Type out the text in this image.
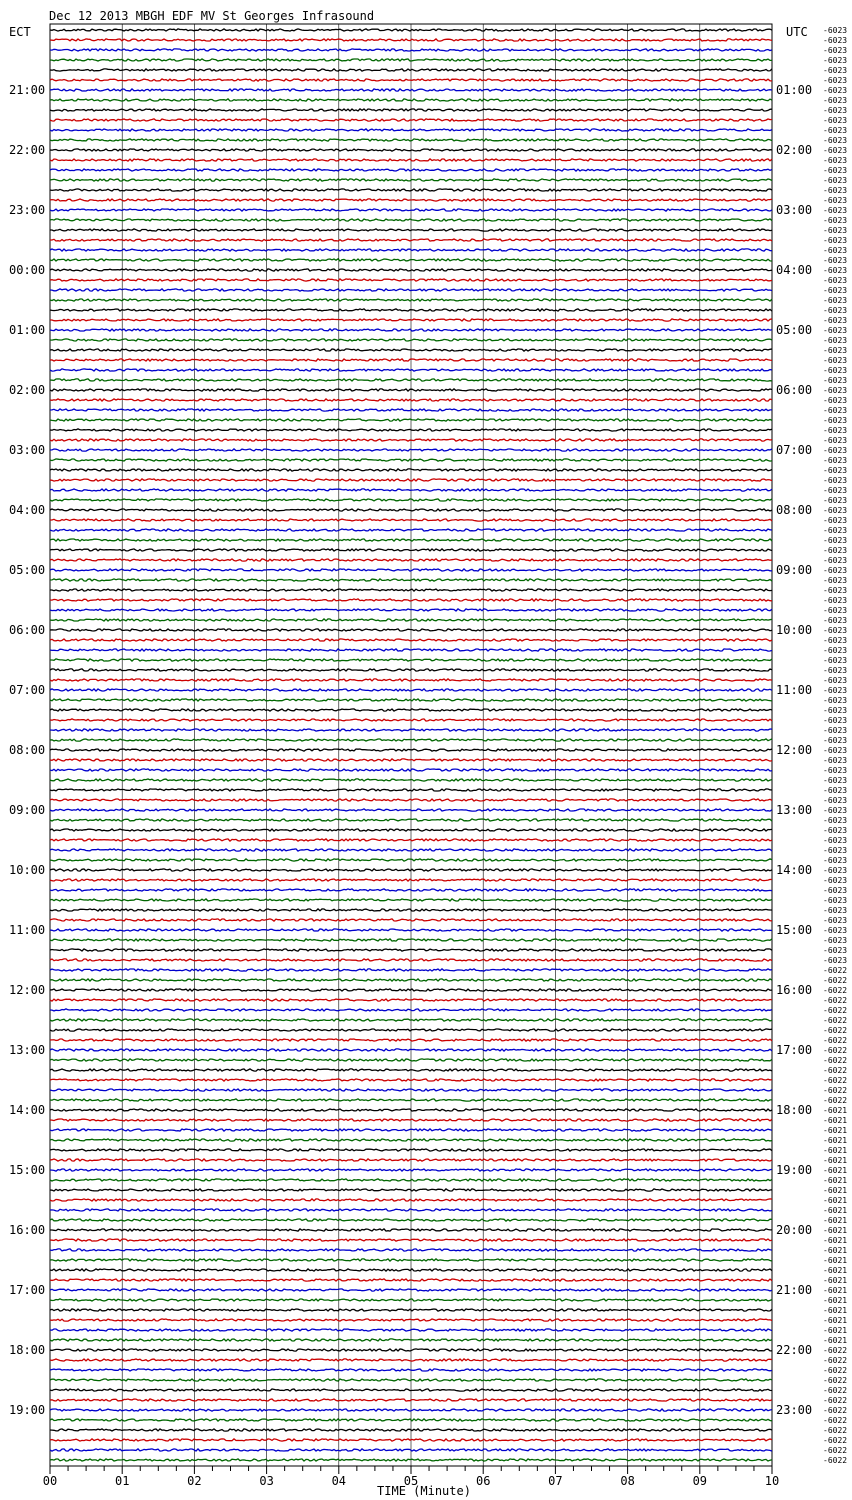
Dec 12 2013 MBGH EDF MV St Georges Infrasound
ECT	UTC
TIME (Minute)
21:00
22:00
23:00
00:00
01:00
02:00
03:00
04:00
05:00
06:00
07:00
08:00
09:00
10:00
11:00
12:00
13:00
14:00
15:00
16:00
17:00
18:00
19:00
01:00
02:00
03:00
04:00
05:00
06:00
07:00
08:00
09:00
10:00
11:00
12:00
13:00
14:00
15:00
16:00
17:00
18:00
19:00
20:00
21:00
22:00
23:00
-6023
-6023
-6023
-6023
-6023
-6023
-6023
-6023
-6023
-6023
-6023
-6023
-6023
-6023
-6023
-6023
-6023
-6023
-6023
-6023
-6023
-6023
-6023
-6023
-6023
-6023
-6023
-6023
-6023
-6023
-6023
-6023
-6023
-6023
-6023
-6023
-6023
-6023
-6023
-6023
-6023
-6023
-6023
-6023
-6023
-6023
-6023
-6023
-6023
-6023
-6023
-6023
-6023
-6023
-6023
-6023
-6023
-6023
-6023
-6023
-6023
-6023
-6023
-6023
-6023
-6023
-6023
-6023
-6023
-6023
-6023
-6023
-6023
-6023
-6023
-6023
-6023
-6023
-6023
-6023
-6023
-6023
-6023
-6023
-6023
-6023
-6023
-6023
-6023
-6023
-6023
-6023
-6023
-6023
-6022
-6022
-6022
-6022
-6022
-6022
-6022
-6022
-6022
-6022
-6022
-6022
-6022
-6022
-6021
-6021
-6021
-6021
-6021
-6021
-6021
-6021
-6021
-6021
-6021
-6021
-6021
-6021
-6021
-6021
-6021
-6021
-6021
-6021
-6021
-6021
-6021
-6021
-6022
-6022
-6022
-6022
-6022
-6022
-6022
-6022
-6022
-6022
-6022
-6022
00	01	02	03	04	05	06	07	08	09	10
